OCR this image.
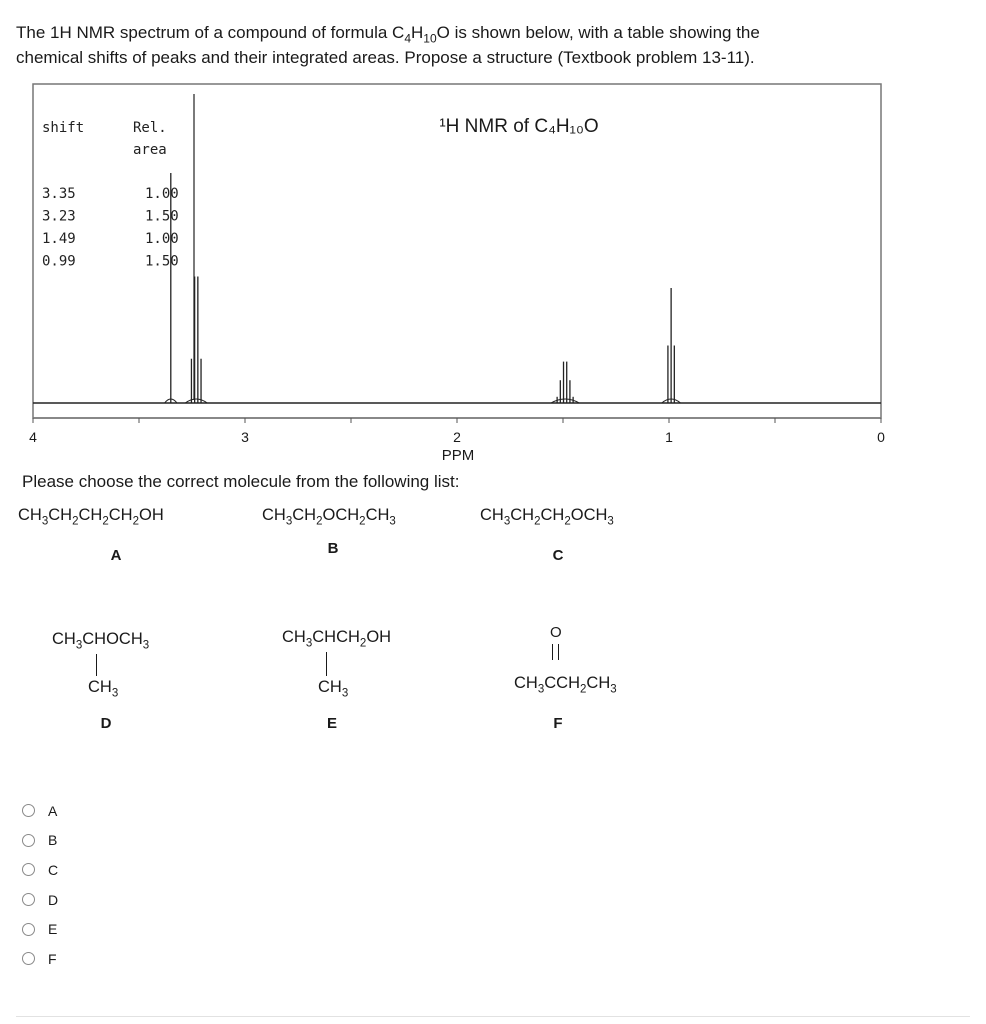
The 1H NMR spectrum of a compound of formula $C_4H_{10}O$ is shown below, with a table showing the
chemical shifts of peaks and their integrated areas. Propose a structure (Textbook problem 13-11).
shift	Rel.
area
3.35	1.00
3.23	1.50
1.49	1.00
0.99	1.50
¹H NMR of C₄H₁₀O
4	3	2	1	0
PPM
Please choose the correct molecule from the following list:
$CH_3CH_2CH_2CH_2OH$
A
$CH_3CH_2OCH_2CH_3$
B
$CH_3CH_2CH_2OCH_3$
C
$CH_3CHOCH_3$
$CH_3$
D
$CH_3CHCH_2OH$
$CH_3$
E
O
$CH_3CCH_2CH_3$
F
A
B
C
D
E
F
